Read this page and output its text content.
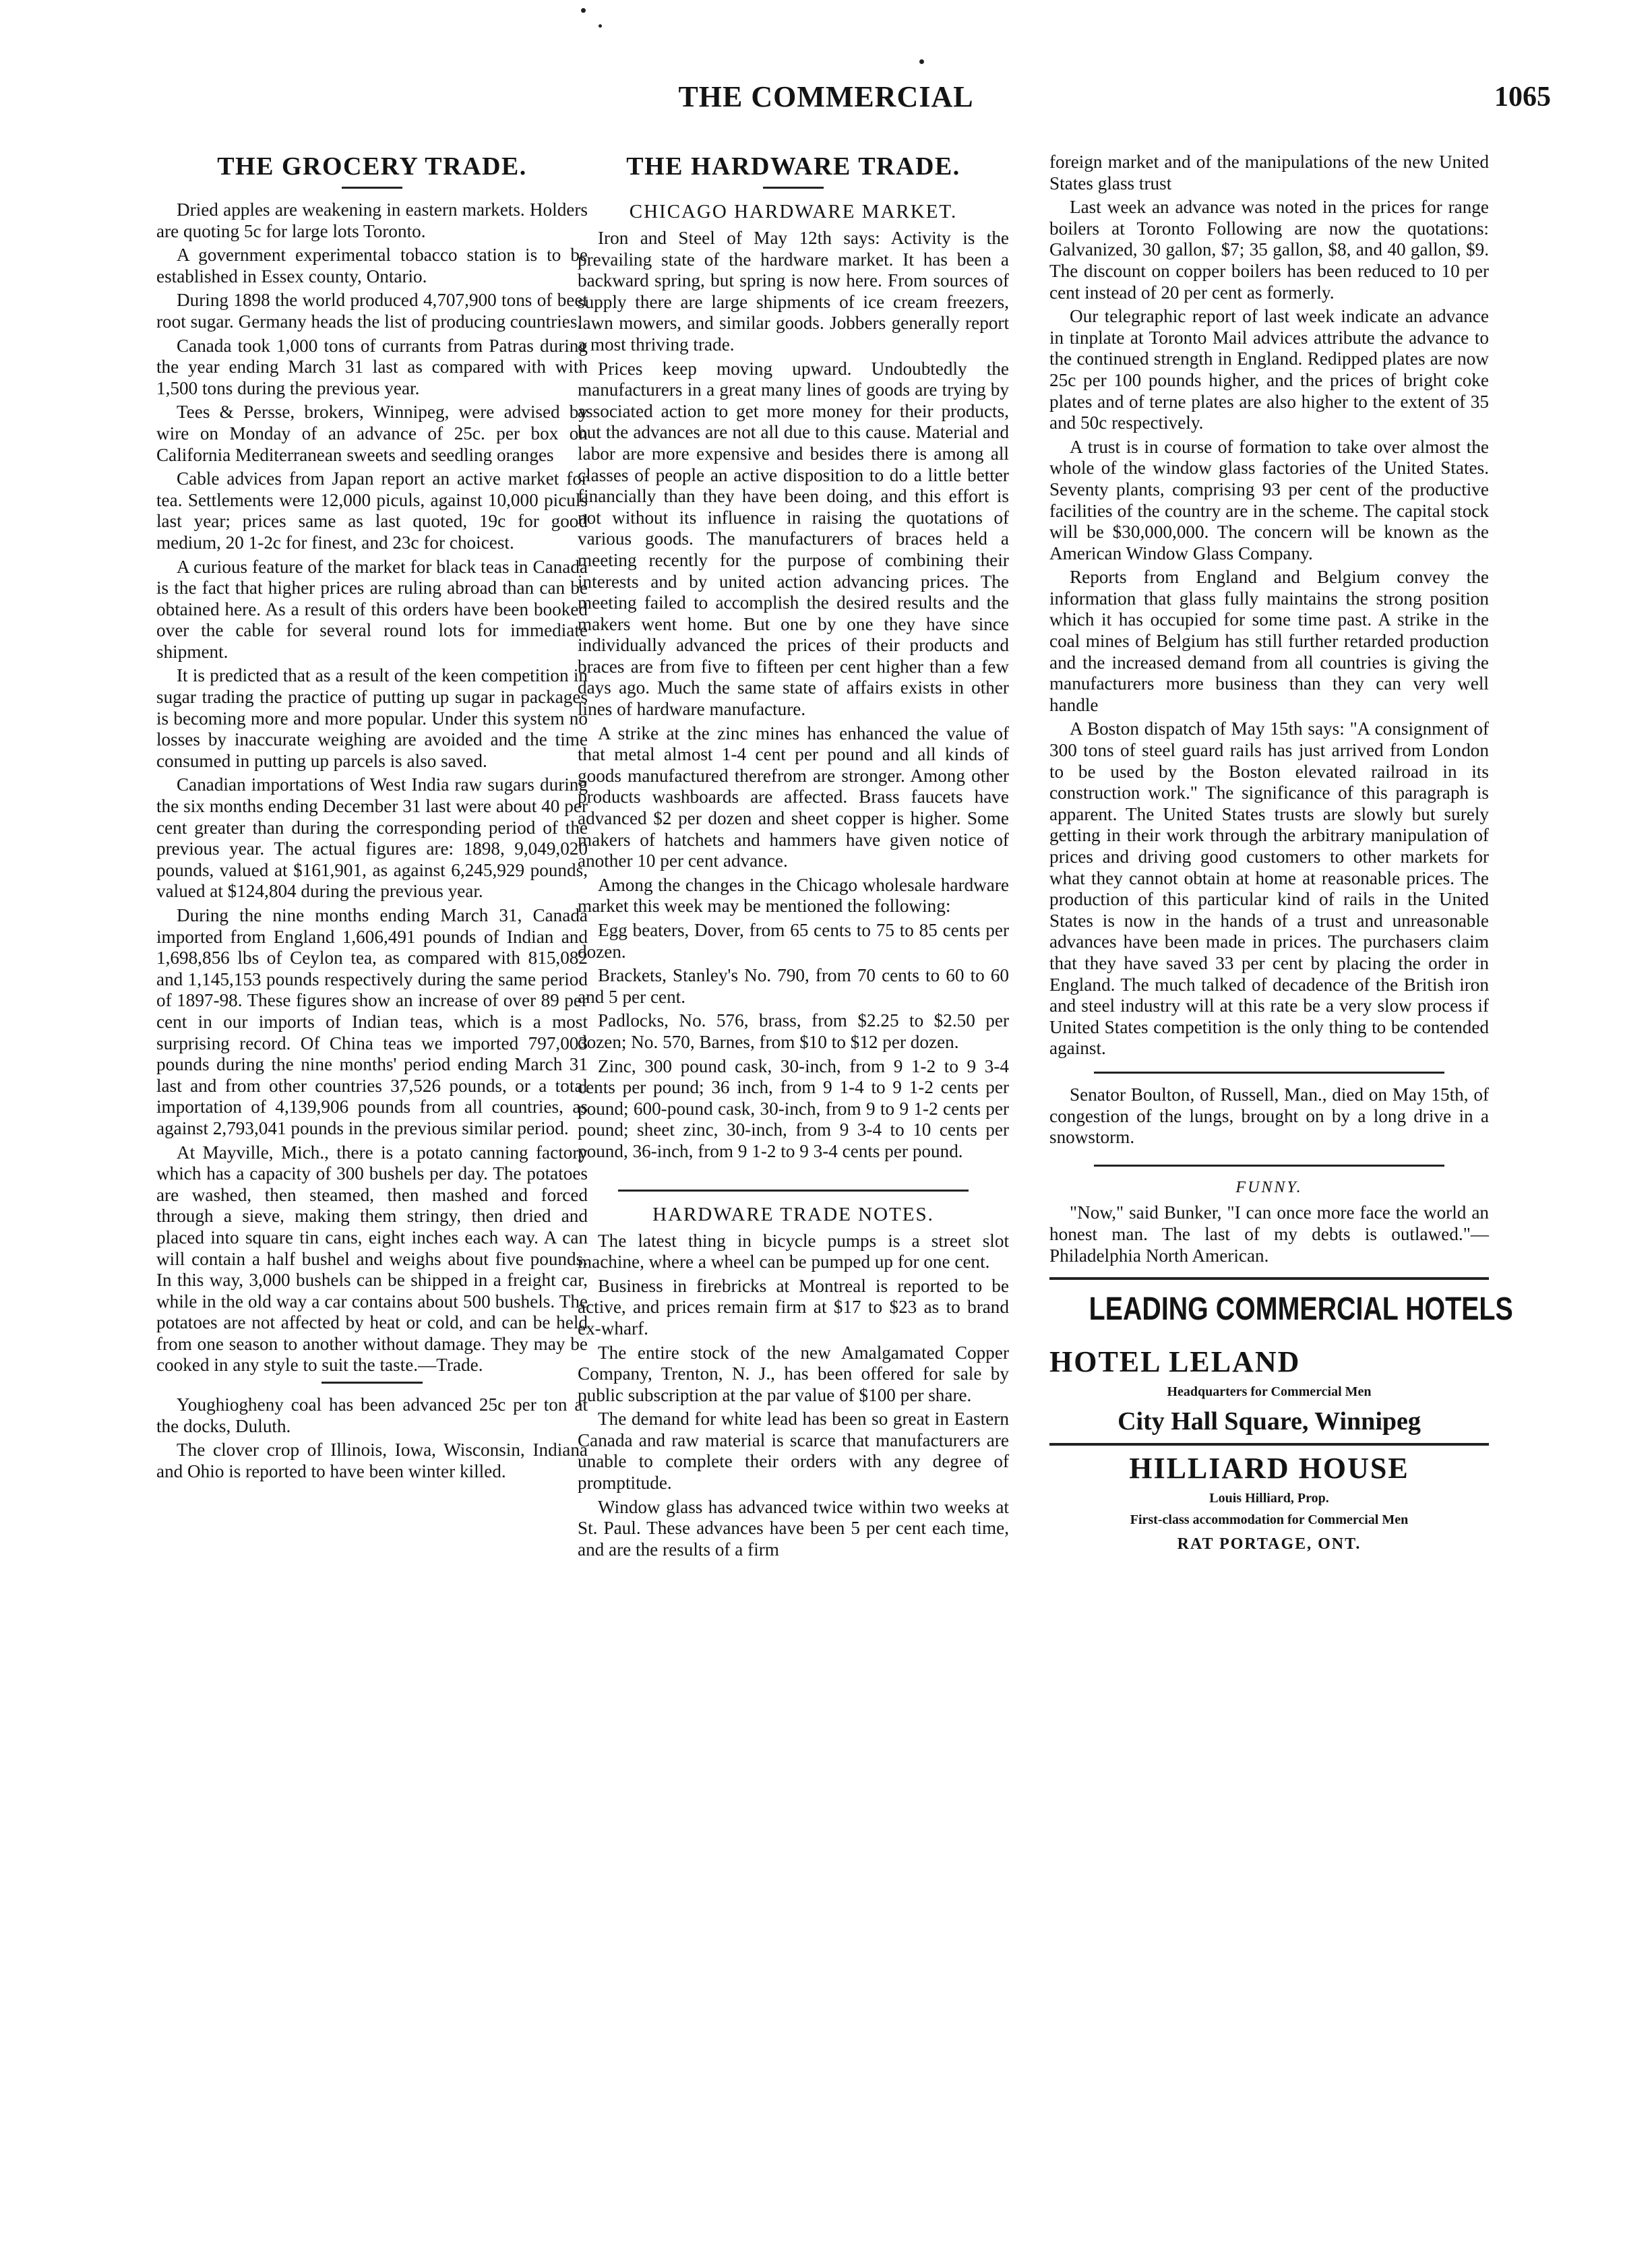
THE COMMERCIAL	1065
THE GROCERY TRADE.

Dried apples are weakening in eastern markets. Holders are quoting 5c for large lots Toronto.

A government experimental tobacco station is to be established in Essex county, Ontario.

During 1898 the world produced 4,707,900 tons of beet root sugar. Germany heads the list of producing countries.

Canada took 1,000 tons of currants from Patras during the year ending March 31 last as compared with with 1,500 tons during the previous year.

Tees & Persse, brokers, Winnipeg, were advised by wire on Monday of an advance of 25c. per box on California Mediterranean sweets and seedling oranges

Cable advices from Japan report an active market for tea. Settlements were 12,000 piculs, against 10,000 piculs last year; prices same as last quoted, 19c for good medium, 20 1-2c for finest, and 23c for choicest.

A curious feature of the market for black teas in Canada is the fact that higher prices are ruling abroad than can be obtained here. As a result of this orders have been booked over the cable for several round lots for immediate shipment.

It is predicted that as a result of the keen competition in sugar trading the practice of putting up sugar in packages is becoming more and more popular. Under this system no losses by inaccurate weighing are avoided and the time consumed in putting up parcels is also saved.

Canadian importations of West India raw sugars during the six months ending December 31 last were about 40 per cent greater than during the corresponding period of the previous year. The actual figures are: 1898, 9,049,020 pounds, valued at $161,901, as against 6,245,929 pounds, valued at $124,804 during the previous year.

During the nine months ending March 31, Canada imported from England 1,606,491 pounds of Indian and 1,698,856 lbs of Ceylon tea, as compared with 815,082 and 1,145,153 pounds respectively during the same period of 1897-98. These figures show an increase of over 89 per cent in our imports of Indian teas, which is a most surprising record. Of China teas we imported 797,003 pounds during the nine months' period ending March 31 last and from other countries 37,526 pounds, or a total importation of 4,139,906 pounds from all countries, as against 2,793,041 pounds in the previous similar period.

At Mayville, Mich., there is a potato canning factory which has a capacity of 300 bushels per day. The potatoes are washed, then steamed, then mashed and forced through a sieve, making them stringy, then dried and placed into square tin cans, eight inches each way. A can will contain a half bushel and weighs about five pounds. In this way, 3,000 bushels can be shipped in a freight car, while in the old way a car contains about 500 bushels. The potatoes are not affected by heat or cold, and can be held from one season to another without damage. They may be cooked in any style to suit the taste.—Trade.

Youghiogheny coal has been advanced 25c per ton at the docks, Duluth.

The clover crop of Illinois, Iowa, Wisconsin, Indiana and Ohio is reported to have been winter killed.

THE HARDWARE TRADE.
CHICAGO HARDWARE MARKET.

Iron and Steel of May 12th says: Activity is the prevailing state of the hardware market. It has been a backward spring, but spring is now here. From sources of supply there are large shipments of ice cream freezers, lawn mowers, and similar goods. Jobbers generally report a most thriving trade.

Prices keep moving upward. Undoubtedly the manufacturers in a great many lines of goods are trying by associated action to get more money for their products, but the advances are not all due to this cause. Material and labor are more expensive and besides there is among all classes of people an active disposition to do a little better financially than they have been doing, and this effort is not without its influence in raising the quotations of various goods. The manufacturers of braces held a meeting recently for the purpose of combining their interests and by united action advancing prices. The meeting failed to accomplish the desired results and the makers went home. But one by one they have since individually advanced the prices of their products and braces are from five to fifteen per cent higher than a few days ago. Much the same state of affairs exists in other lines of hardware manufacture.

A strike at the zinc mines has enhanced the value of that metal almost 1-4 cent per pound and all kinds of goods manufactured therefrom are stronger. Among other products washboards are affected. Brass faucets have advanced $2 per dozen and sheet copper is higher. Some makers of hatchets and hammers have given notice of another 10 per cent advance.

Among the changes in the Chicago wholesale hardware market this week may be mentioned the following:

Egg beaters, Dover, from 65 cents to 75 to 85 cents per dozen.

Brackets, Stanley's No. 790, from 70 cents to 60 to 60 and 5 per cent.

Padlocks, No. 576, brass, from $2.25 to $2.50 per dozen; No. 570, Barnes, from $10 to $12 per dozen.

Zinc, 300 pound cask, 30-inch, from 9 1-2 to 9 3-4 cents per pound; 36 inch, from 9 1-4 to 9 1-2 cents per pound; 600-pound cask, 30-inch, from 9 to 9 1-2 cents per pound; sheet zinc, 30-inch, from 9 3-4 to 10 cents per pound, 36-inch, from 9 1-2 to 9 3-4 cents per pound.

HARDWARE TRADE NOTES.

The latest thing in bicycle pumps is a street slot machine, where a wheel can be pumped up for one cent.

Business in firebricks at Montreal is reported to be active, and prices remain firm at $17 to $23 as to brand ex-wharf.

The entire stock of the new Amalgamated Copper Company, Trenton, N. J., has been offered for sale by public subscription at the par value of $100 per share.

The demand for white lead has been so great in Eastern Canada and raw material is scarce that manufacturers are unable to complete their orders with any degree of promptitude.

Window glass has advanced twice within two weeks at St. Paul. These advances have been 5 per cent each time, and are the results of a firm

foreign market and of the manipulations of the new United States glass trust

Last week an advance was noted in the prices for range boilers at Toronto Following are now the quotations: Galvanized, 30 gallon, $7; 35 gallon, $8, and 40 gallon, $9. The discount on copper boilers has been reduced to 10 per cent instead of 20 per cent as formerly.

Our telegraphic report of last week indicate an advance in tinplate at Toronto Mail advices attribute the advance to the continued strength in England. Redipped plates are now 25c per 100 pounds higher, and the prices of bright coke plates and of terne plates are also higher to the extent of 35 and 50c respectively.

A trust is in course of formation to take over almost the whole of the window glass factories of the United States. Seventy plants, comprising 93 per cent of the productive facilities of the country are in the scheme. The capital stock will be $30,000,000. The concern will be known as the American Window Glass Company.

Reports from England and Belgium convey the information that glass fully maintains the strong position which it has occupied for some time past. A strike in the coal mines of Belgium has still further retarded production and the increased demand from all countries is giving the manufacturers more business than they can very well handle

A Boston dispatch of May 15th says: "A consignment of 300 tons of steel guard rails has just arrived from London to be used by the Boston elevated railroad in its construction work." The significance of this paragraph is apparent. The United States trusts are slowly but surely getting in their work through the arbitrary manipulation of prices and driving good customers to other markets for what they cannot obtain at home at reasonable prices. The production of this particular kind of rails in the United States is now in the hands of a trust and unreasonable advances have been made in prices. The purchasers claim that they have saved 33 per cent by placing the order in England. The much talked of decadence of the British iron and steel industry will at this rate be a very slow process if United States competition is the only thing to be contended against.

Senator Boulton, of Russell, Man., died on May 15th, of congestion of the lungs, brought on by a long drive in a snowstorm.

FUNNY.

"Now," said Bunker, "I can once more face the world an honest man. The last of my debts is outlawed."—Philadelphia North American.

LEADING COMMERCIAL HOTELS
HOTEL LELAND
Headquarters for Commercial Men
City Hall Square, Winnipeg
HILLIARD HOUSE
Louis Hilliard, Prop.
First-class accommodation for Commercial Men
RAT PORTAGE, ONT.
